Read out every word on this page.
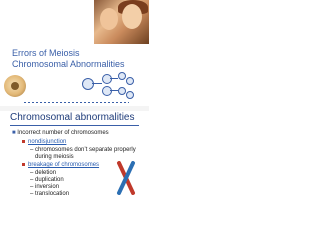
Errors of Meiosis
Chromosomal Abnormalities
Chromosomal abnormalities
■ Incorrect number of chromosomes
nondisjunction
– chromosomes don’t separate properly
during meiosis
breakage of chromosomes
– deletion
– duplication
– inversion
– translocation
